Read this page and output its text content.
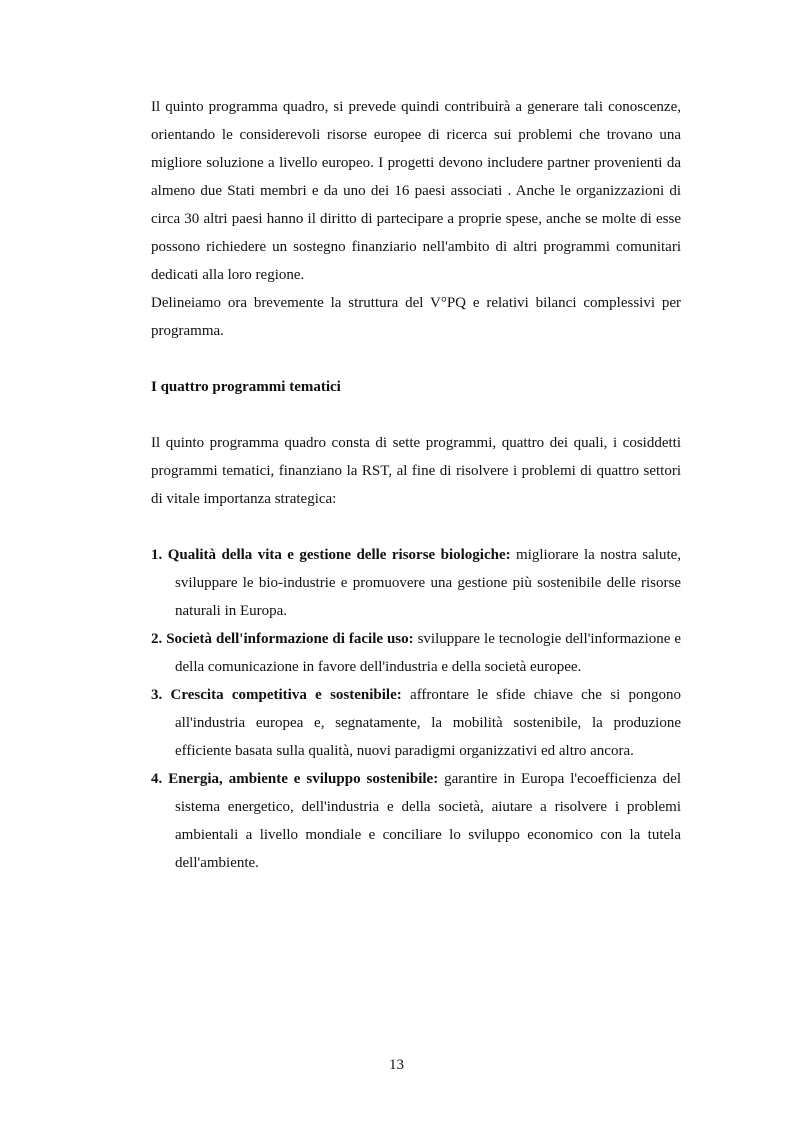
Il quinto programma quadro, si prevede quindi contribuirà a generare tali conoscenze, orientando le considerevoli risorse europee di ricerca sui problemi che trovano una migliore soluzione a livello europeo. I progetti devono includere partner provenienti da almeno due Stati membri e da uno dei 16 paesi associati . Anche le organizzazioni di circa 30 altri paesi hanno il diritto di partecipare a proprie spese, anche se molte di esse possono richiedere un sostegno finanziario nell'ambito di altri programmi comunitari dedicati alla loro regione.

Delineiamo ora brevemente la struttura del V°PQ e relativi bilanci complessivi per programma.

I quattro programmi tematici

Il quinto programma quadro consta di sette programmi, quattro dei quali, i cosiddetti programmi tematici, finanziano la RST, al fine di risolvere i problemi di quattro settori di vitale importanza strategica:

1. Qualità della vita e gestione delle risorse biologiche: migliorare la nostra salute, sviluppare le bio-industrie e promuovere una gestione più sostenibile delle risorse naturali in Europa.
2. Società dell'informazione di facile uso: sviluppare le tecnologie dell'informazione e della comunicazione in favore dell'industria e della società europee.
3. Crescita competitiva e sostenibile: affrontare le sfide chiave che si pongono all'industria europea e, segnatamente, la mobilità sostenibile, la produzione efficiente basata sulla qualità, nuovi paradigmi organizzativi ed altro ancora.
4. Energia, ambiente e sviluppo sostenibile: garantire in Europa l'ecoefficienza del sistema energetico, dell'industria e della società, aiutare a risolvere i problemi ambientali a livello mondiale e conciliare lo sviluppo economico con la tutela dell'ambiente.
13
